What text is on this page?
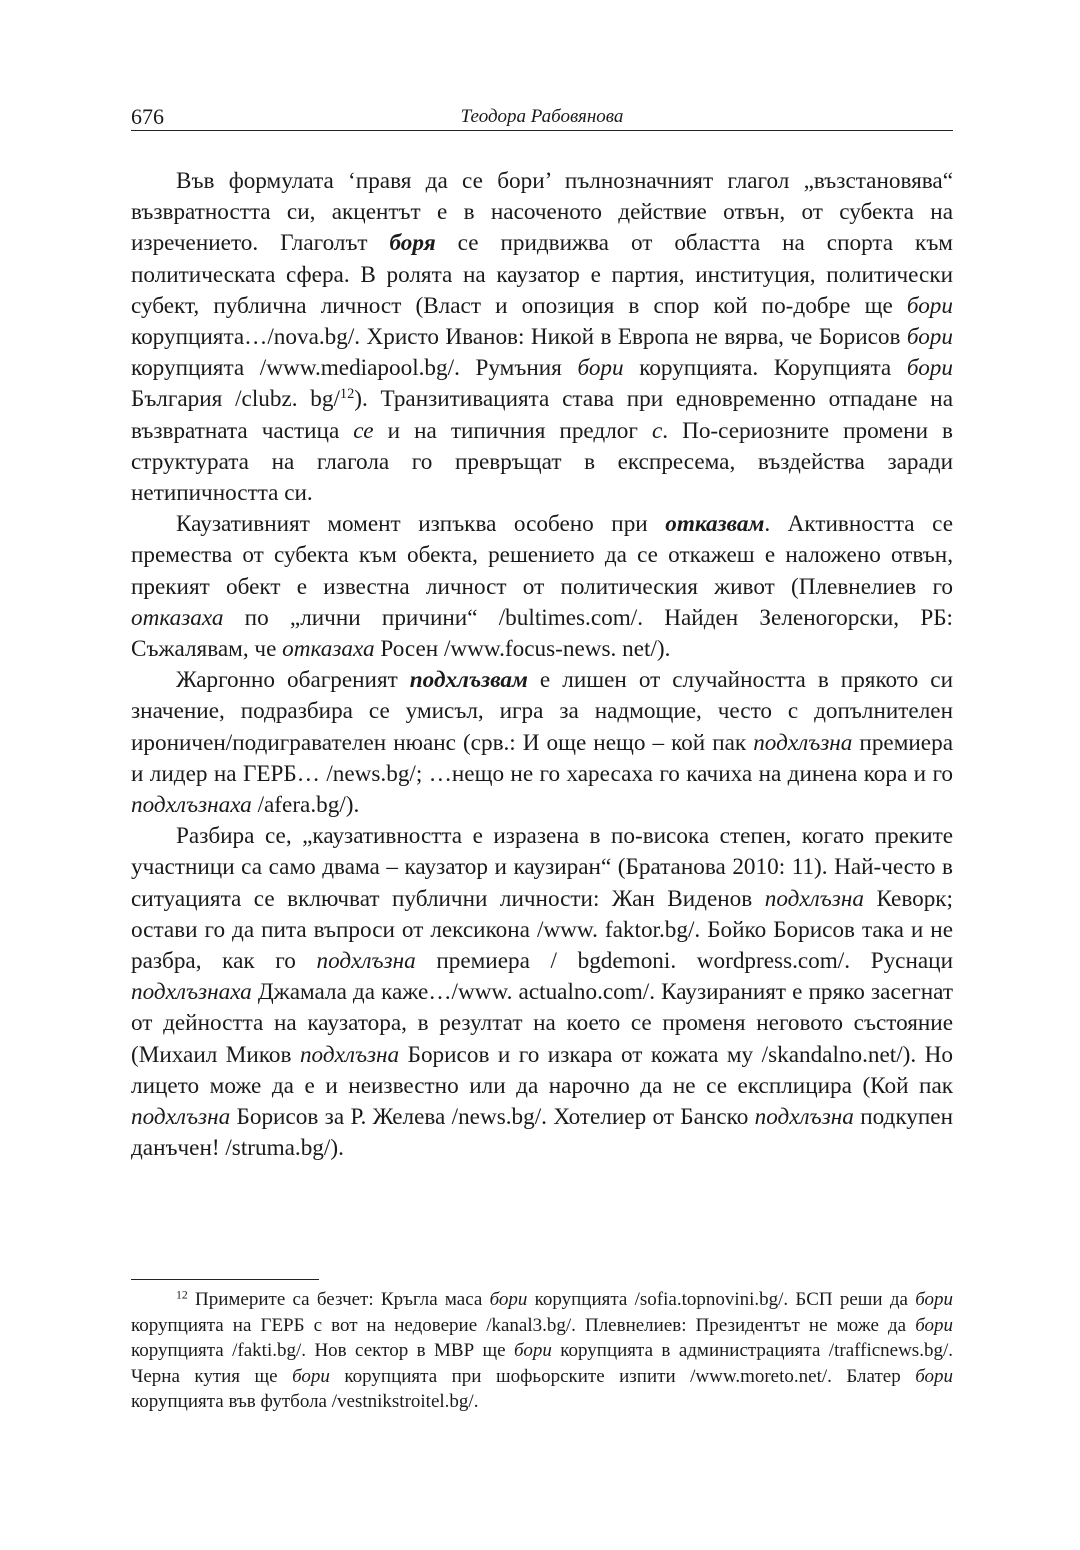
676	Теодора Рабовянова

Във формулата ‘правя да се бори’ пълнозначният глагол „възстановява“ възвратността си, акцентът е в насоченото действие отвън, от субекта на изречението. Глаголът боря се придвижва от областта на спорта към политическата сфера. В ролята на каузатор е партия, институция, политически субект, публична личност (Власт и опозиция в спор кой по-добре ще бори корупцията…/nova.bg/. Христо Иванов: Никой в Европа не вярва, че Борисов бори корупцията /www.mediapool.bg/. Румъния бори корупцията. Корупцията бори България /clubz. bg/$^{12}$). Транзитивацията става при едновременно отпадане на възвратната частица се и на типичния предлог с. По-сериозните промени в структурата на глагола го превръщат в експресема, въздейства заради нетипичността си.

Каузативният момент изпъква особено при отказвам. Активността се премества от субекта към обекта, решението да се откажеш е наложено отвън, прекият обект е известна личност от политическия живот (Плевнелиев го отказаха по „лични причини“ /bultimes.com/. Найден Зеленогорски, РБ: Съжалявам, че отказаха Росен /www.focus-news. net/).

Жаргонно обагреният подхлъзвам е лишен от случайността в прякото си значение, подразбира се умисъл, игра за надмощие, често с допълнителен ироничен/подигравателен нюанс (срв.: И още нещо – кой пак подхлъзна премиера и лидер на ГЕРБ… /news.bg/; …нещо не го харесаха го качиха на динена кора и го подхлъзнаха /afera.bg/).

Разбира се, „каузативността е изразена в по-висока степен, когато преките участници са само двама – каузатор и каузиран“ (Братанова 2010: 11). Най-често в ситуацията се включват публични личности: Жан Виденов подхлъзна Кеворк; остави го да пита въпроси от лексикона /www. faktor.bg/. Бойко Борисов така и не разбра, как го подхлъзна премиера / bgdemoni. wordpress.com/. Руснаци подхлъзнаха Джамала да каже…/www. actualno.com/. Каузираният е пряко засегнат от дейността на каузатора, в резултат на което се променя неговото състояние (Михаил Миков подхлъзна Борисов и го изкара от кожата му /skandalno.net/). Но лицето може да е и неизвестно или да нарочно да не се експлицира (Кой пак подхлъзна Борисов за Р. Желева /news.bg/. Хотелиер от Банско подхлъзна подкупен данъчен! /struma.bg/).

$^{12}$ Примерите са безчет: Кръгла маса бори корупцията /sofia.topnovini.bg/. БСП реши да бори корупцията на ГЕРБ с вот на недоверие /kanal3.bg/. Плевнелиев: Президентът не може да бори корупцията /fakti.bg/. Нов сектор в МВР ще бори корупцията в администрацията /trafficnews.bg/. Черна кутия ще бори корупцията при шофьорските изпити /www.moreto.net/. Блатер бори корупцията във футбола /vestnikstroitel.bg/.
